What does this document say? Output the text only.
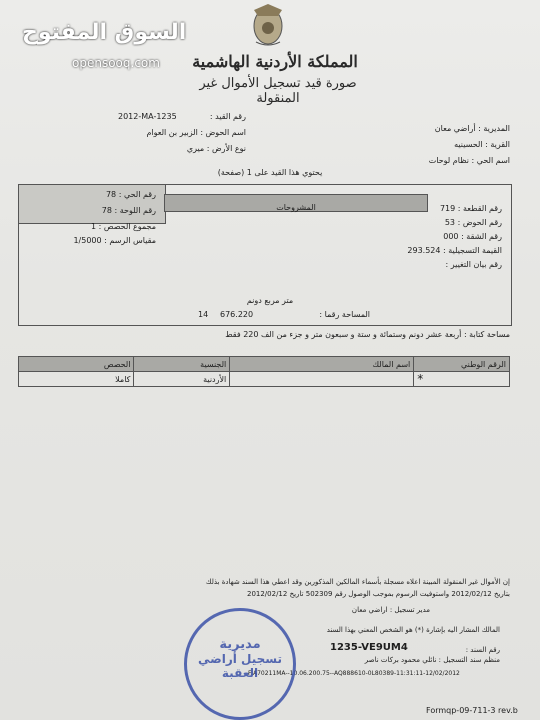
السوق المفتوح
opensooq.com المملكة الأردنية الهاشمية
صورة قيد تسجيل الأموال غير المنقولة
2012-MA-1235	رقم القيد :
اسم الحوض : الزبير بن العوام
نوع الأرض : ميري
المديرية : أراضي معان
القرية : الحسينيه
اسم الحي : نظام لوحات
يحتوي هذا القيد على 1 (صفحة)
المشروحات
رقم الحي : 78
رقم اللوحة : 78
مجموع الحصص : 1
مقياس الرسم : 1/5000
رقم القطعة : 719
رقم الحوض : 53
رقم الشقة : 000
القيمة التسجيلية : 293.524
رقم بيان التغيير :
متر مربع دونم
المساحة رقما :
676.220
14
مساحة كتابة : أربعة عشر دونم وستمائة و ستة و سبعون متر و جزء من الف 220 فقط
الرقم الوطني	اسم المالك	الجنسية	الحصص

*		الأردنية	كاملا
إن الأموال غير المنقولة المبينة اعلاه مسجلة بأسماء المالكين المذكورين وقد اعطي هذا السند شهادة بذلك
بتاريخ 2012/02/12 واستوفيت الرسوم بموجب الوصول رقم 502309 تاريخ 2012/02/12
مدير تسجيل : اراضي معان
المالك المشار اليه بإشارة (*) هو الشخص المعني بهذا السند
رقم السند :
1235-VE9UM4
منظم سند التسجيل : نائلي محمود بركات ناصر
F:A70211MA--10.06.200.75--AQ888610-0L80389-11:31:11-12/02/2012
Formqp-09-711-3 rev.b
مديرية
تسجيل أراضي
العقبة
